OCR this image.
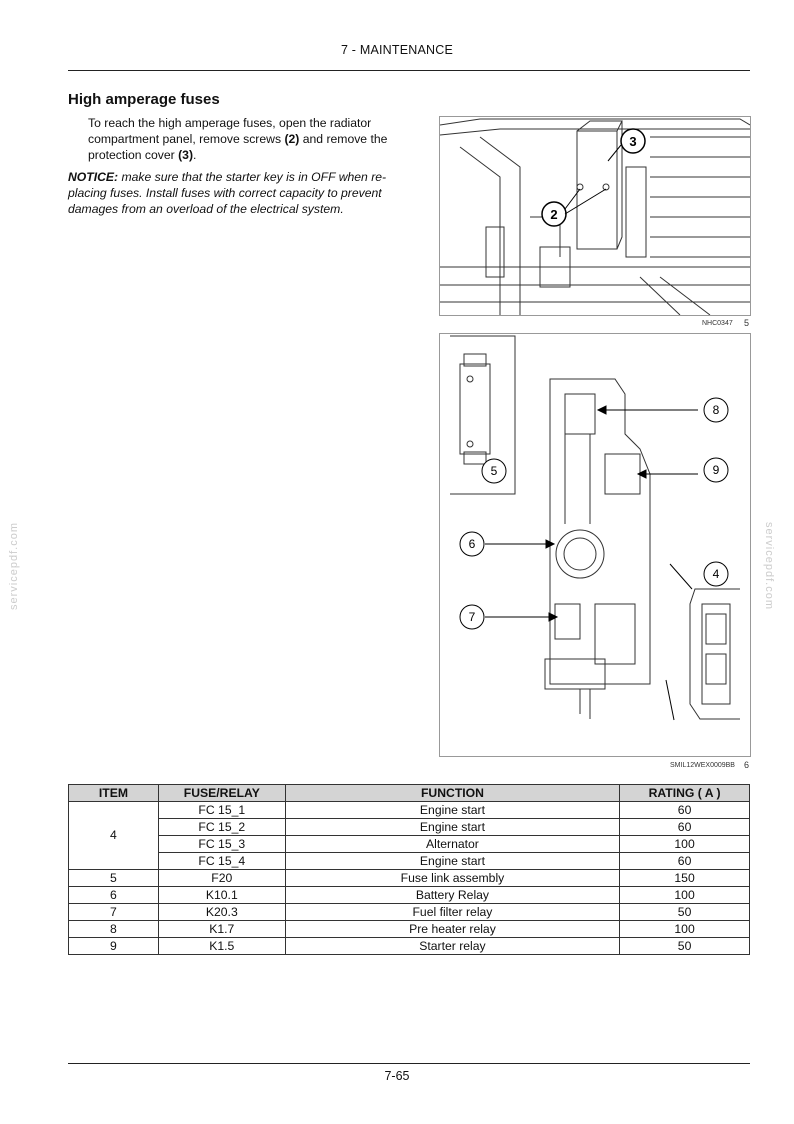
7 - MAINTENANCE
High amperage fuses
To reach the high amperage fuses, open the radiator compartment panel, remove screws (2) and remove the protection cover (3).
NOTICE: make sure that the starter key is in OFF when re-placing fuses. Install fuses with correct capacity to prevent damages from an overload of the electrical system.	2
3
NHC0347 5
5
8
9
6
7
4
SMIL12WEX0009BB 6
servicepdf.com	servicepdf.com
ITEM	FUSE/RELAY	FUNCTION	RATING ( A )
4	FC 15_1	Engine start	60
	FC 15_2	Engine start	60
	FC 15_3	Alternator	100
	FC 15_4	Engine start	60
5	F20	Fuse link assembly	150
6	K10.1	Battery Relay	100
7	K20.3	Fuel filter relay	50
8	K1.7	Pre heater relay	100
9	K1.5	Starter relay	50
7-65
